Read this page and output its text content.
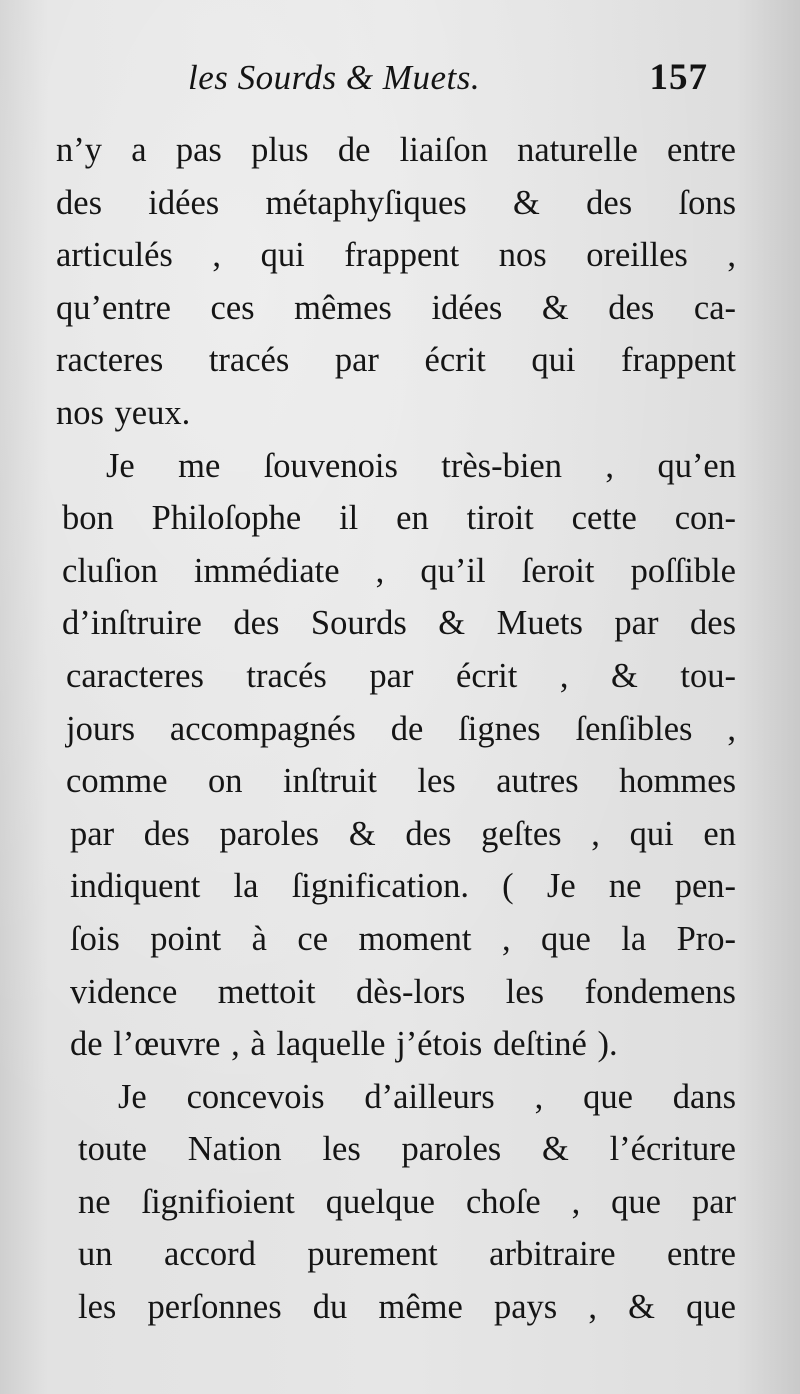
les Sourds & Muets.	157
n’y a pas plus de liaiſon naturelle entre
des idées métaphyſiques & des ſons
articulés , qui frappent nos oreilles ,
qu’entre ces mêmes idées & des ca-
racteres tracés par écrit qui frappent
nos yeux.
Je me ſouvenois très-bien , qu’en
bon Philoſophe il en tiroit cette con-
cluſion immédiate , qu’il ſeroit poſſible
d’inſtruire des Sourds & Muets par des
caracteres tracés par écrit , & tou-
jours accompagnés de ſignes ſenſibles ,
comme on inſtruit les autres hommes
par des paroles & des geſtes , qui en
indiquent la ſignification. ( Je ne pen-
ſois point à ce moment , que la Pro-
vidence mettoit dès-lors les fondemens
de l’œuvre , à laquelle j’étois deſtiné ).
Je concevois d’ailleurs , que dans
toute Nation les paroles & l’écriture
ne ſignifioient quelque choſe , que par
un accord purement arbitraire entre
les perſonnes du même pays , & que
